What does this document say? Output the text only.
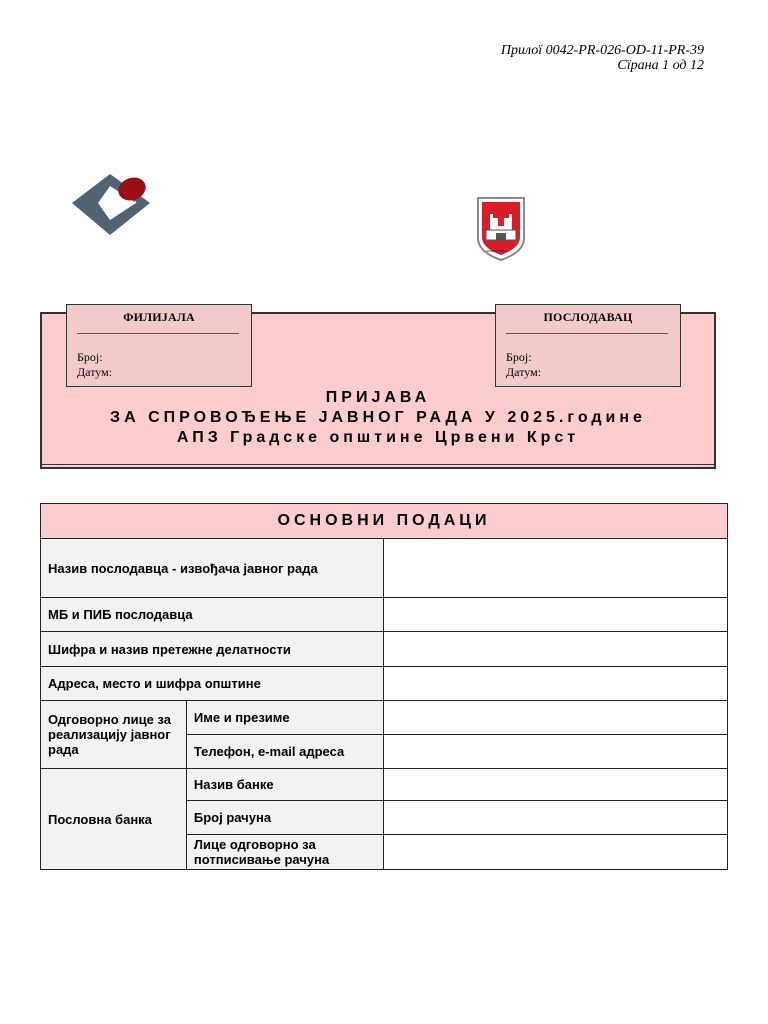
Прилої 0042-PR-026-OD-11-PR-39
Сїрана 1 од 12
ЦРВЕНИ КРСТ
ФИЛИЈАЛА
Број:
Датум:
ПОСЛОДАВАЦ
Број:
Датум:
ПРИЈАВА
ЗА СПРОВОЂЕЊЕ ЈАВНОГ РАДА У 2025.године
АПЗ Градске општине Црвени Крст
ОСНОВНИ ПОДАЦИ		
Назив послодавца - извођача јавног рада		
МБ и ПИБ послодавца		
Шифра и назив претежне делатности		
Адреса, место и шифра општине		
Одговорно лице за реализацију јавног рада	Име и презиме	
	Телефон, e-mail адреса	
Пословна банка	Назив банке	
	Број рачуна	
	Лице одговорно за потписивање рачуна	
